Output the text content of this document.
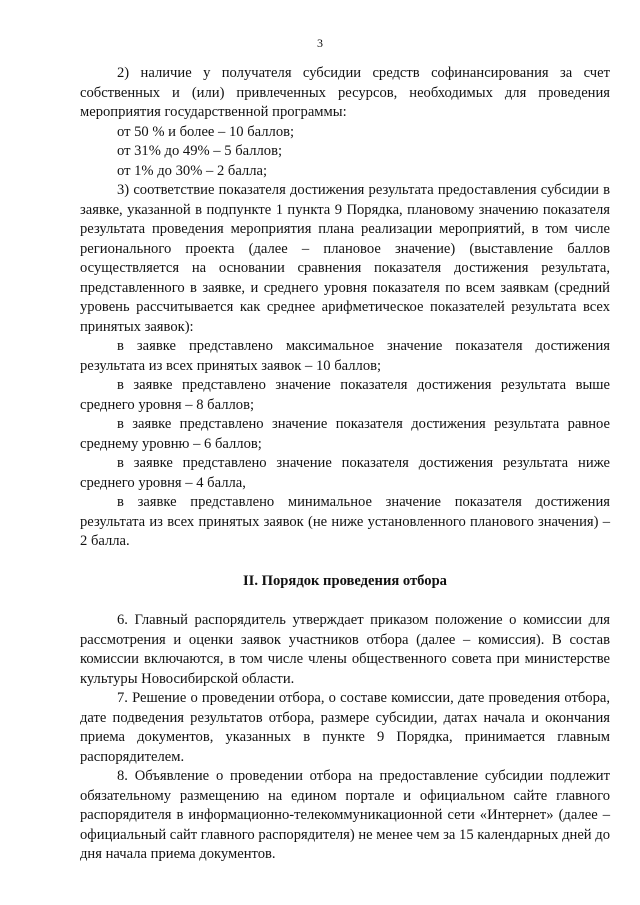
3

2) наличие у получателя субсидии средств софинансирования за счет собственных и (или) привлеченных ресурсов, необходимых для проведения мероприятия государственной программы:

от 50 % и более – 10 баллов;

от 31% до 49% – 5 баллов;

от 1% до 30% – 2 балла;

3) соответствие показателя достижения результата предоставления субсидии в заявке, указанной в подпункте 1 пункта 9 Порядка, плановому значению показателя результата проведения мероприятия плана реализации мероприятий, в том числе регионального проекта (далее – плановое значение) (выставление баллов осуществляется на основании сравнения показателя достижения результата, представленного в заявке, и среднего уровня показателя по всем заявкам (средний уровень рассчитывается как среднее арифметическое показателей результата всех принятых заявок):

в заявке представлено максимальное значение показателя достижения результата из всех принятых заявок – 10 баллов;

в заявке представлено значение показателя достижения результата выше среднего уровня – 8 баллов;

в заявке представлено значение показателя достижения результата равное среднему уровню – 6 баллов;

в заявке представлено значение показателя достижения результата ниже среднего уровня – 4 балла,

в заявке представлено минимальное значение показателя достижения результата из всех принятых заявок (не ниже установленного планового значения) – 2 балла.

II. Порядок проведения отбора

6. Главный распорядитель утверждает приказом положение о комиссии для рассмотрения и оценки заявок участников отбора (далее – комиссия). В состав комиссии включаются, в том числе члены общественного совета при министерстве культуры Новосибирской области.

7. Решение о проведении отбора, о составе комиссии, дате проведения отбора, дате подведения результатов отбора, размере субсидии, датах начала и окончания приема документов, указанных в пункте 9 Порядка, принимается главным распорядителем.

8. Объявление о проведении отбора на предоставление субсидии подлежит обязательному размещению на едином портале и официальном сайте главного распорядителя в информационно-телекоммуникационной сети «Интернет» (далее – официальный сайт главного распорядителя) не менее чем за 15 календарных дней до дня начала приема документов.
